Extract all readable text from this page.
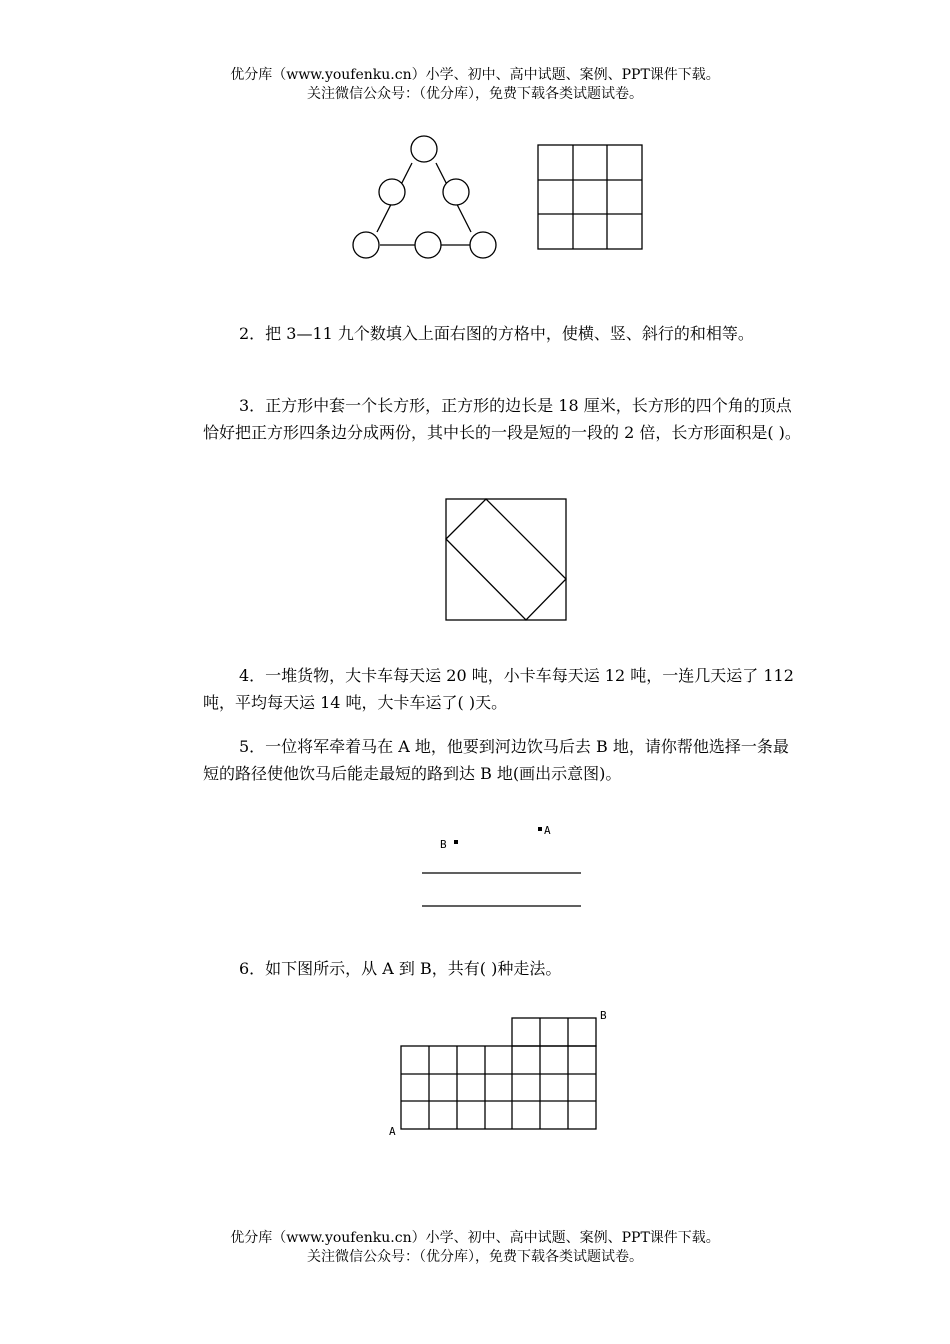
优分库（www.youfenku.cn）小学、初中、高中试题、案例、PPT课件下载。
关注微信公众号：（优分库），免费下载各类试题试卷。
A
B
A
B
2．把 3—11 九个数填入上面右图的方格中，使横、竖、斜行的和相等。
3．正方形中套一个长方形，正方形的边长是 18 厘米，长方形的四个角的顶点恰好把正方形四条边分成两份，其中长的一段是短的一段的 2 倍，长方形面积是( )。
4．一堆货物，大卡车每天运 20 吨，小卡车每天运 12 吨，一连几天运了 112 吨，平均每天运 14 吨，大卡车运了( )天。
5．一位将军牵着马在 A 地，他要到河边饮马后去 B 地，请你帮他选择一条最短的路径使他饮马后能走最短的路到达 B 地(画出示意图)。
6．如下图所示，从 A 到 B，共有( )种走法。
优分库（www.youfenku.cn）小学、初中、高中试题、案例、PPT课件下载。
关注微信公众号：（优分库），免费下载各类试题试卷。
